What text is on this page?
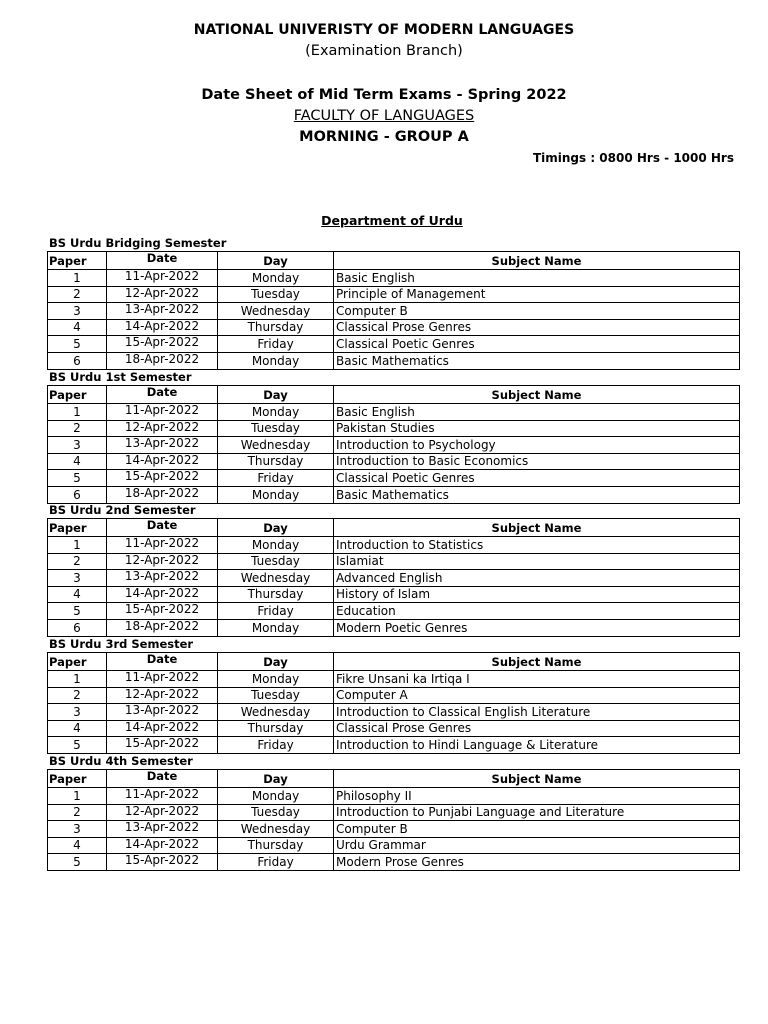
NATIONAL UNIVERISTY OF MODERN LANGUAGES
(Examination Branch)
Date Sheet of Mid Term Exams - Spring 2022
FACULTY OF LANGUAGES
MORNING - GROUP A
Timings : 0800 Hrs - 1000 Hrs
Department of Urdu
BS Urdu Bridging Semester
Paper	Date	Day	Subject Name
1	11-Apr-2022	Monday	Basic English
2	12-Apr-2022	Tuesday	Principle of Management
3	13-Apr-2022	Wednesday	Computer B
4	14-Apr-2022	Thursday	Classical Prose Genres
5	15-Apr-2022	Friday	Classical Poetic Genres
6	18-Apr-2022	Monday	Basic Mathematics
BS Urdu 1st Semester
Paper	Date	Day	Subject Name
1	11-Apr-2022	Monday	Basic English
2	12-Apr-2022	Tuesday	Pakistan Studies
3	13-Apr-2022	Wednesday	Introduction to Psychology
4	14-Apr-2022	Thursday	Introduction to Basic Economics
5	15-Apr-2022	Friday	Classical Poetic Genres
6	18-Apr-2022	Monday	Basic Mathematics
BS Urdu 2nd Semester
Paper	Date	Day	Subject Name
1	11-Apr-2022	Monday	Introduction to Statistics
2	12-Apr-2022	Tuesday	Islamiat
3	13-Apr-2022	Wednesday	Advanced English
4	14-Apr-2022	Thursday	History of Islam
5	15-Apr-2022	Friday	Education
6	18-Apr-2022	Monday	Modern Poetic Genres
BS Urdu 3rd Semester
Paper	Date	Day	Subject Name
1	11-Apr-2022	Monday	Fikre Unsani ka Irtiqa I
2	12-Apr-2022	Tuesday	Computer A
3	13-Apr-2022	Wednesday	Introduction to Classical English Literature
4	14-Apr-2022	Thursday	Classical Prose Genres
5	15-Apr-2022	Friday	Introduction to Hindi Language & Literature
BS Urdu 4th Semester
Paper	Date	Day	Subject Name
1	11-Apr-2022	Monday	Philosophy II
2	12-Apr-2022	Tuesday	Introduction to Punjabi Language and Literature
3	13-Apr-2022	Wednesday	Computer B
4	14-Apr-2022	Thursday	Urdu Grammar
5	15-Apr-2022	Friday	Modern Prose Genres
